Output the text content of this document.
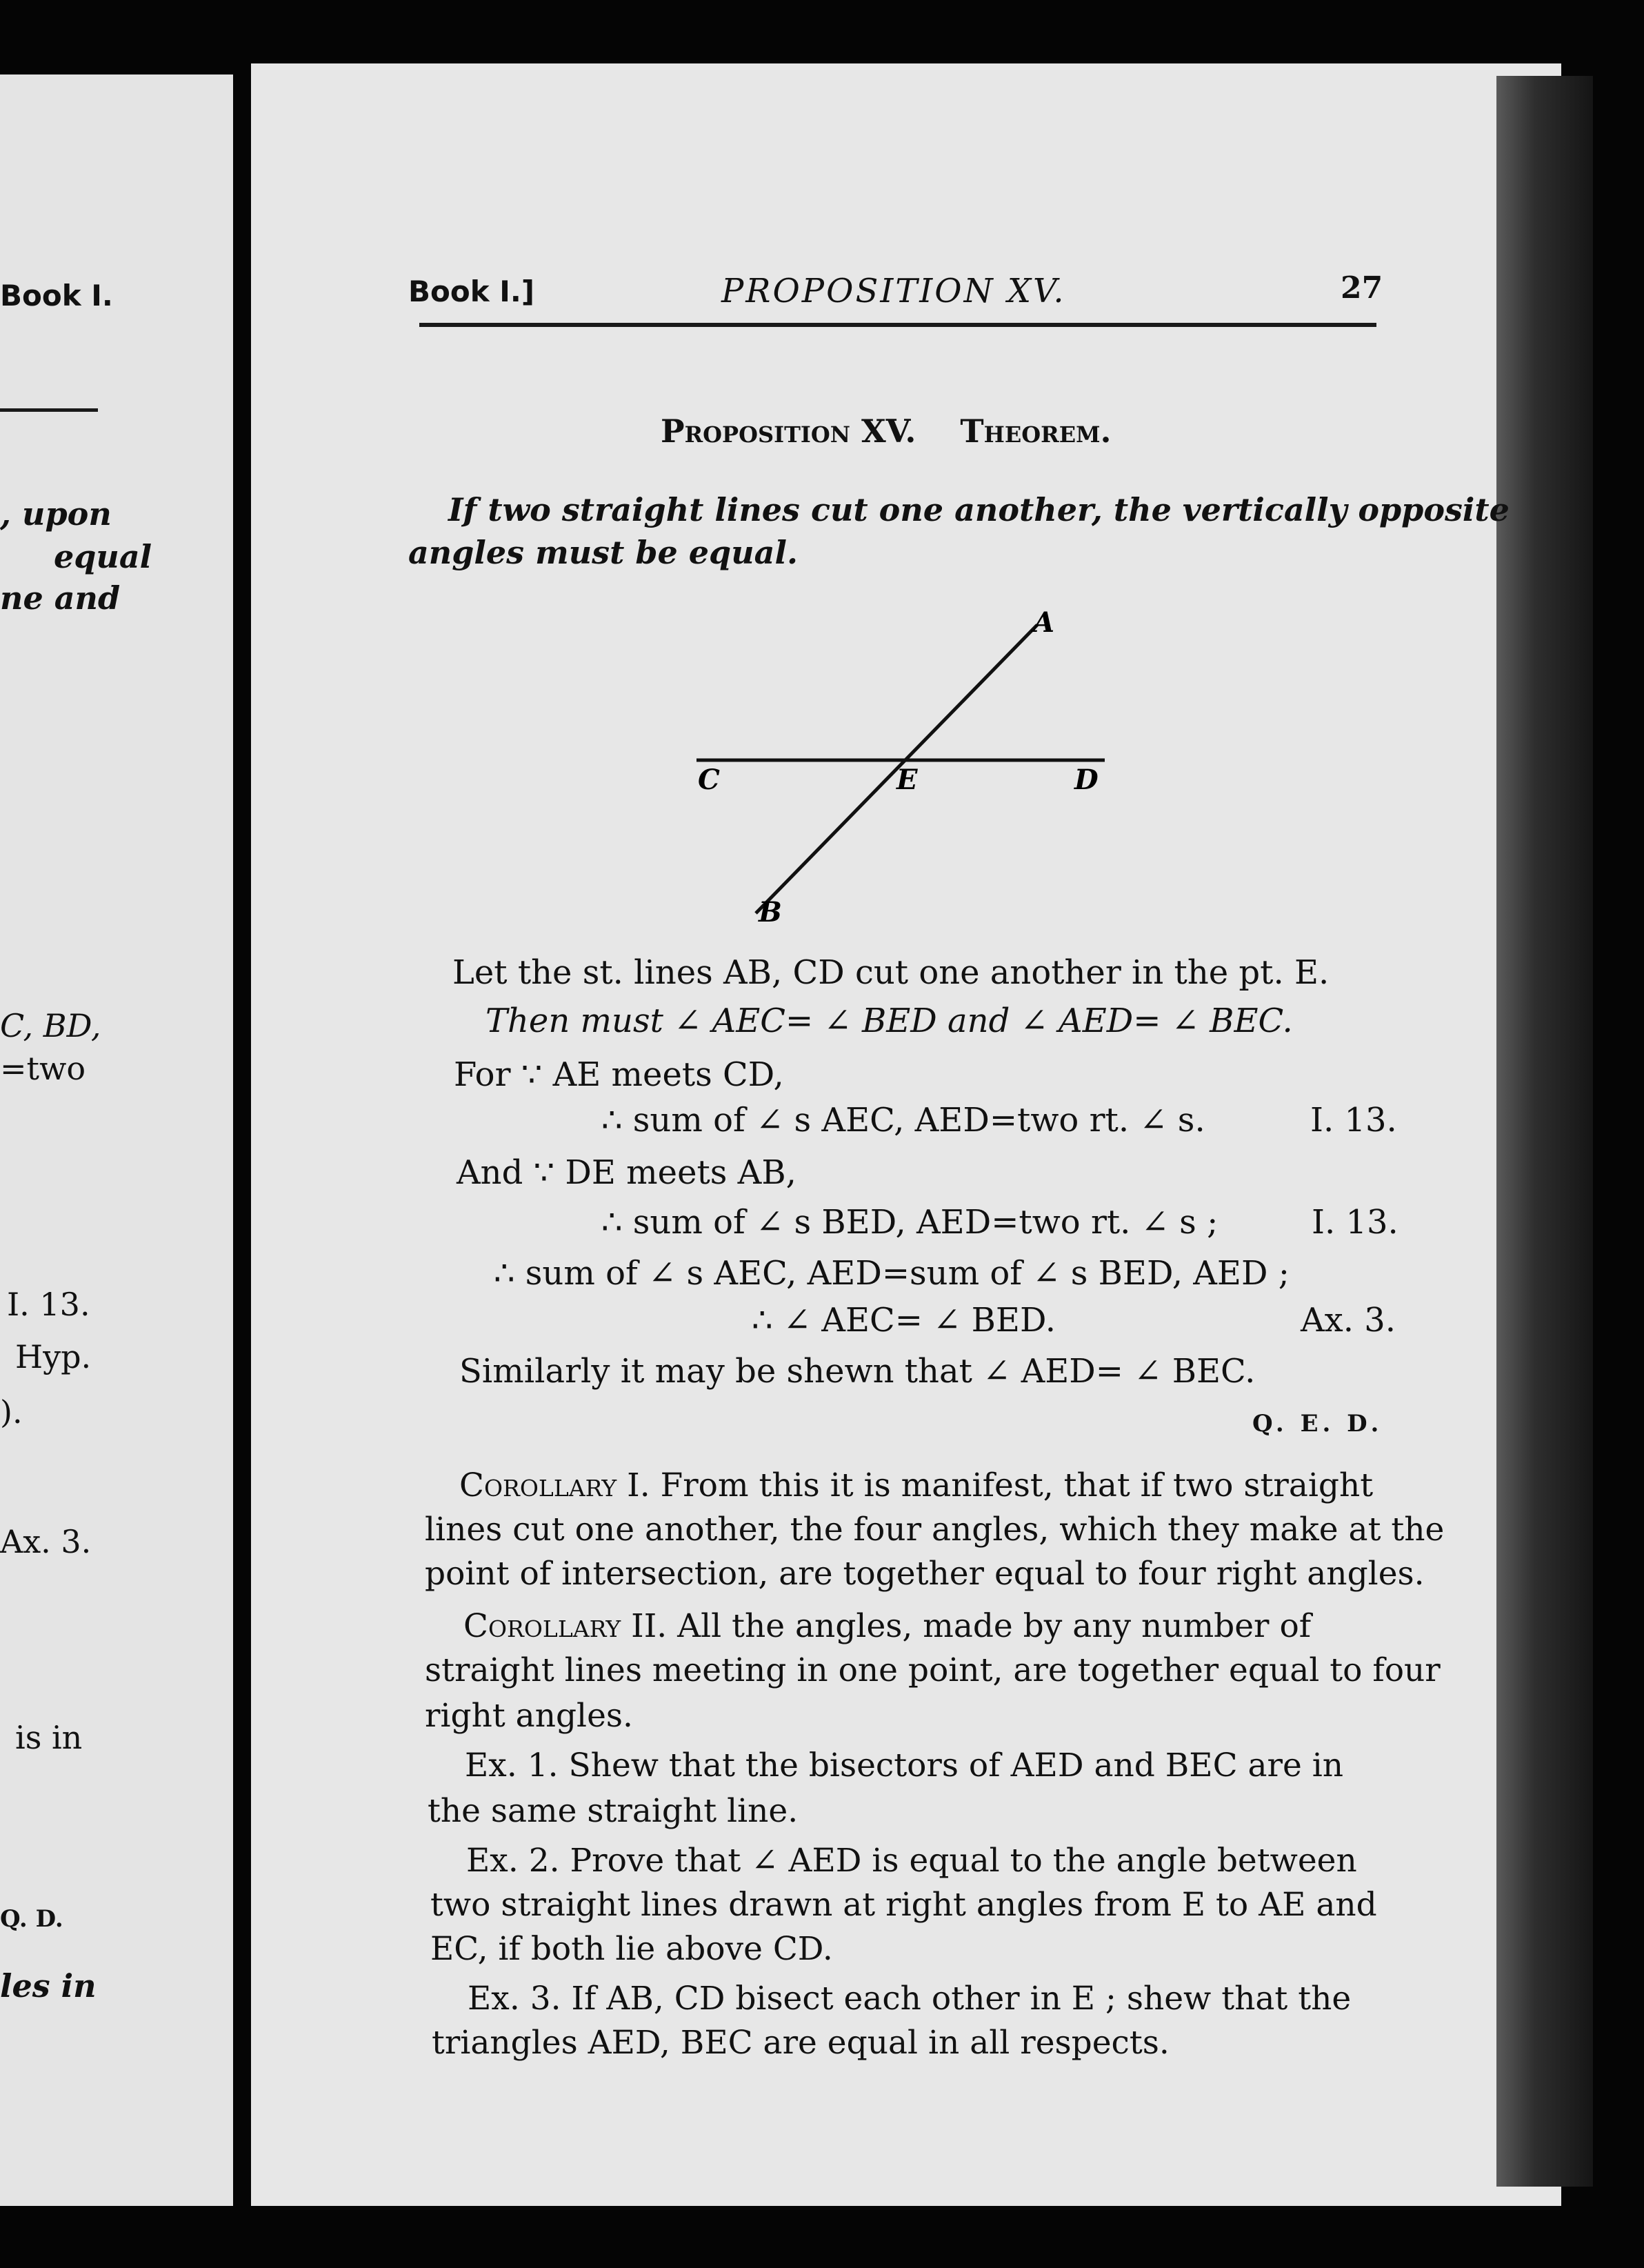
Book I.
, upon
equal
ne and
C, BD,
=two
I. 13.
Hyp.
).
Ax. 3.
is in
Q. D.
les in
Book I.]	PROPOSITION XV.	27
Proposition XV. Theorem.
If two straight lines cut one another, the vertically opposite
angles must be equal.
A
B
C	D
E
Let the st. lines AB, CD cut one another in the pt. E.
Then must ∠ AEC= ∠ BED and ∠ AED= ∠ BEC.
For ∵ AE meets CD,
∴ sum of ∠ s AEC, AED=two rt. ∠ s.	I. 13.
And ∵ DE meets AB,
∴ sum of ∠ s BED, AED=two rt. ∠ s ;	I. 13.
∴ sum of ∠ s AEC, AED=sum of ∠ s BED, AED ;
∴ ∠ AEC= ∠ BED.	Ax. 3.
Similarly it may be shewn that ∠ AED= ∠ BEC.
Q. E. D.
Corollary I. From this it is manifest, that if two straight
lines cut one another, the four angles, which they make at the
point of intersection, are together equal to four right angles.
Corollary II. All the angles, made by any number of
straight lines meeting in one point, are together equal to four
right angles.
Ex. 1. Shew that the bisectors of AED and BEC are in
the same straight line.
Ex. 2. Prove that ∠ AED is equal to the angle between
two straight lines drawn at right angles from E to AE and
EC, if both lie above CD.
Ex. 3. If AB, CD bisect each other in E ; shew that the
triangles AED, BEC are equal in all respects.
